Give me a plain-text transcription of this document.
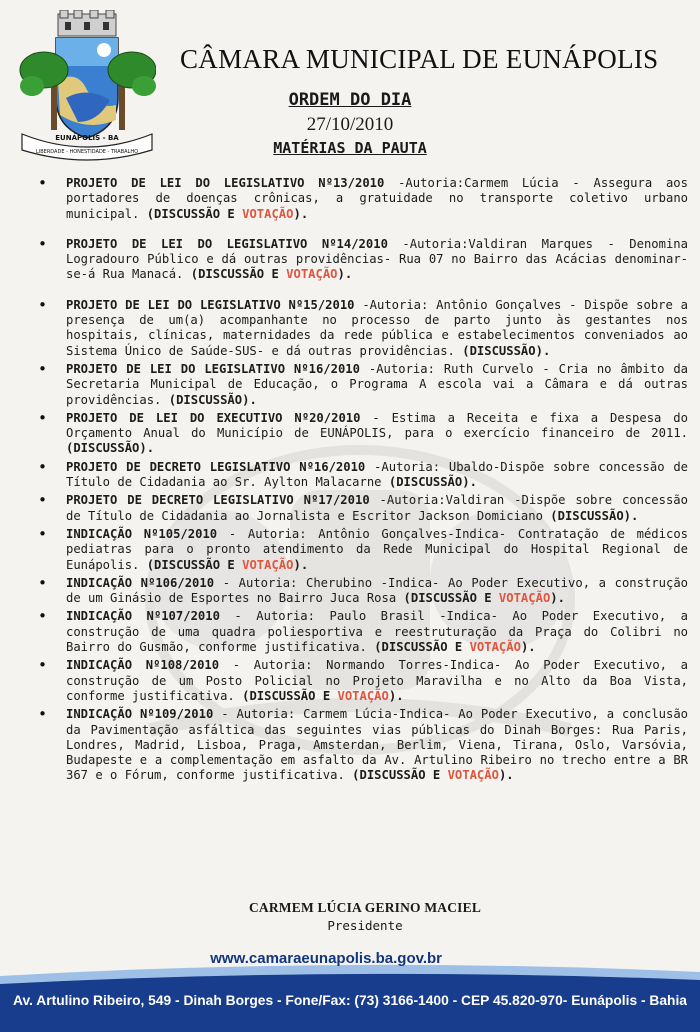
EUNÁPOLIS - BA
LIBERDADE - HONESTIDADE - TRABALHO
CÂMARA MUNICIPAL DE EUNÁPOLIS
ORDEM DO DIA
27/10/2010
MATÉRIAS DA PAUTA
• PROJETO DE LEI DO LEGISLATIVO Nº13/2010 -Autoria:Carmem Lúcia - Assegura aos portadores de doenças crônicas, a gratuidade no transporte coletivo urbano municipal. (DISCUSSÃO E VOTAÇÃO).
• PROJETO DE LEI DO LEGISLATIVO Nº14/2010 -Autoria:Valdiran Marques - Denomina Logradouro Público e dá outras providências- Rua 07 no Bairro das Acácias denominar-se-á Rua Manacá. (DISCUSSÃO E VOTAÇÃO).
• PROJETO DE LEI DO LEGISLATIVO Nº15/2010 -Autoria: Antônio Gonçalves - Dispõe sobre a presença de um(a) acompanhante no processo de parto junto às gestantes nos hospitais, clínicas, maternidades da rede pública e estabelecimentos conveniados ao Sistema Único de Saúde-SUS- e dá outras providências. (DISCUSSÃO).
• PROJETO DE LEI DO LEGISLATIVO Nº16/2010 -Autoria: Ruth Curvelo - Cria no âmbito da Secretaria Municipal de Educação, o Programa A escola vai a Câmara e dá outras providências. (DISCUSSÃO).
• PROJETO DE LEI DO EXECUTIVO Nº20/2010 - Estima a Receita e fixa a Despesa do Orçamento Anual do Município de EUNÁPOLIS, para o exercício financeiro de 2011. (DISCUSSÃO).
• PROJETO DE DECRETO LEGISLATIVO Nº16/2010 -Autoria: Ubaldo-Dispõe sobre concessão de Título de Cidadania ao Sr. Aylton Malacarne (DISCUSSÃO).
• PROJETO DE DECRETO LEGISLATIVO Nº17/2010 -Autoria:Valdiran -Dispõe sobre concessão de Título de Cidadania ao Jornalista e Escritor Jackson Domiciano (DISCUSSÃO).
• INDICAÇÃO Nº105/2010 - Autoria: Antônio Gonçalves-Indica- Contratação de médicos pediatras para o pronto atendimento da Rede Municipal do Hospital Regional de Eunápolis. (DISCUSSÃO E VOTAÇÃO).
• INDICAÇÃO Nº106/2010 - Autoria: Cherubino -Indica- Ao Poder Executivo, a construção de um Ginásio de Esportes no Bairro Juca Rosa (DISCUSSÃO E VOTAÇÃO).
• INDICAÇÃO Nº107/2010 - Autoria: Paulo Brasil -Indica- Ao Poder Executivo, a construção de uma quadra poliesportiva e reestruturação da Praça do Colibri no Bairro do Gusmão, conforme justificativa. (DISCUSSÃO E VOTAÇÃO).
• INDICAÇÃO Nº108/2010 - Autoria: Normando Torres-Indica- Ao Poder Executivo, a construção de um Posto Policial no Projeto Maravilha e no Alto da Boa Vista, conforme justificativa. (DISCUSSÃO E VOTAÇÃO).
• INDICAÇÃO Nº109/2010 - Autoria: Carmem Lúcia-Indica- Ao Poder Executivo, a conclusão da Pavimentação asfáltica das seguintes vias públicas do Dinah Borges: Rua Paris, Londres, Madrid, Lisboa, Praga, Amsterdan, Berlim, Viena, Tirana, Oslo, Varsóvia, Budapeste e a complementação em asfalto da Av. Artulino Ribeiro no trecho entre a BR 367 e o Fórum, conforme justificativa. (DISCUSSÃO E VOTAÇÃO).
CARMEM LÚCIA GERINO MACIEL
Presidente
www.camaraeunapolis.ba.gov.br
Av. Artulino Ribeiro, 549 - Dinah Borges - Fone/Fax: (73) 3166-1400 - CEP 45.820-970- Eunápolis - Bahia
